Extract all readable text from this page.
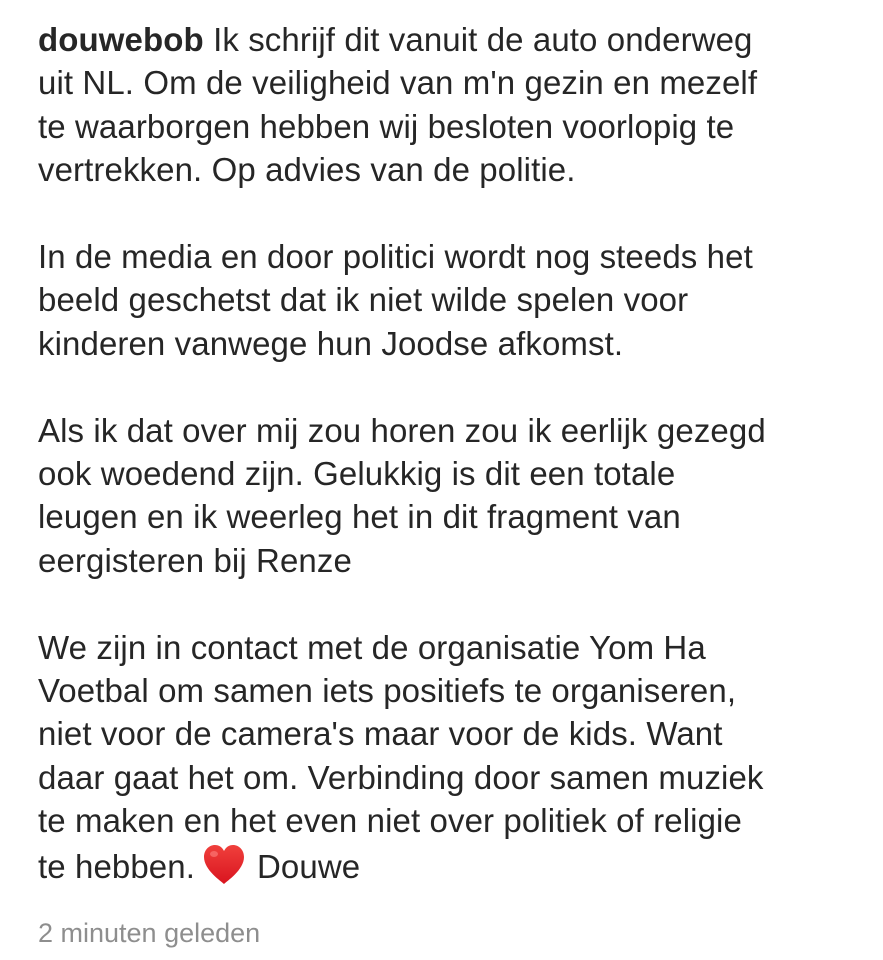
douwebob Ik schrijf dit vanuit de auto onderweg
uit NL. Om de veiligheid van m'n gezin en mezelf
te waarborgen hebben wij besloten voorlopig te
vertrekken. Op advies van de politie.

In de media en door politici wordt nog steeds het
beeld geschetst dat ik niet wilde spelen voor
kinderen vanwege hun Joodse afkomst.

Als ik dat over mij zou horen zou ik eerlijk gezegd
ook woedend zijn. Gelukkig is dit een totale
leugen en ik weerleg het in dit fragment van
eergisteren bij Renze

We zijn in contact met de organisatie Yom Ha
Voetbal om samen iets positiefs te organiseren,
niet voor de camera's maar voor de kids. Want
daar gaat het om. Verbinding door samen muziek
te maken en het even niet over politiek of religie
te hebben. Douwe

2 minuten geleden
